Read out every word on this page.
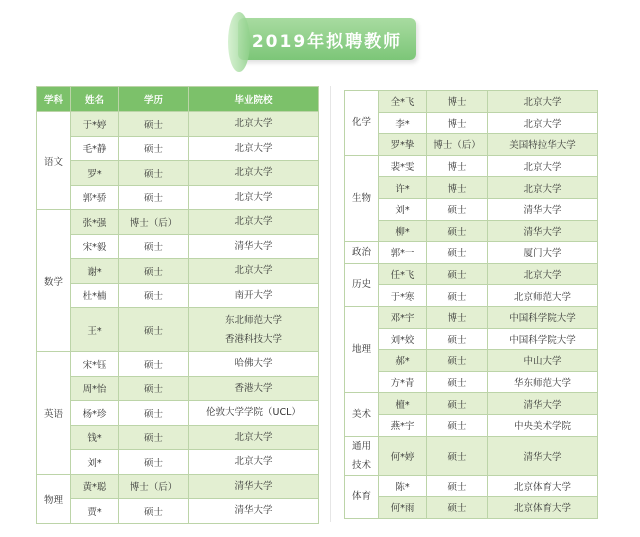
2019年拟聘教师
学科	姓名	学历	毕业院校
语文	于*婷	硕士	北京大学

	毛*静	硕士	北京大学

	罗*	硕士	北京大学

	郭*骄	硕士	北京大学

数学	张*强	博士（后）	北京大学

	宋*毅	硕士	清华大学

	谢*	硕士	北京大学

	杜*楠	硕士	南开大学

	王*	硕士	东北师范大学
香港科技大学

英语	宋*钰	硕士	哈佛大学

	周*怡	硕士	香港大学

	杨*珍	硕士	伦敦大学学院（UCL）

	钱*	硕士	北京大学

	刘*	硕士	北京大学

物理	黄*聪	博士（后）	清华大学

	贾*	硕士	清华大学
化学	全*飞	博士	北京大学
	李*	博士	北京大学
	罗*挚	博士（后）	美国特拉华大学

生物	裴*雯	博士	北京大学
	许*	博士	北京大学
	刘*	硕士	清华大学
	柳*	硕士	清华大学

政治	郭*一	硕士	厦门大学

历史	任*飞	硕士	北京大学
	于*寒	硕士	北京师范大学

地理	邓*宇	博士	中国科学院大学
	刘*姣	硕士	中国科学院大学
	郝*	硕士	中山大学
	方*青	硕士	华东师范大学

美术	檀*	硕士	清华大学
	燕*宇	硕士	中央美术学院

通用
技术	何*婷	硕士	清华大学

体育	陈*	硕士	北京体育大学
	何*雨	硕士	北京体育大学
